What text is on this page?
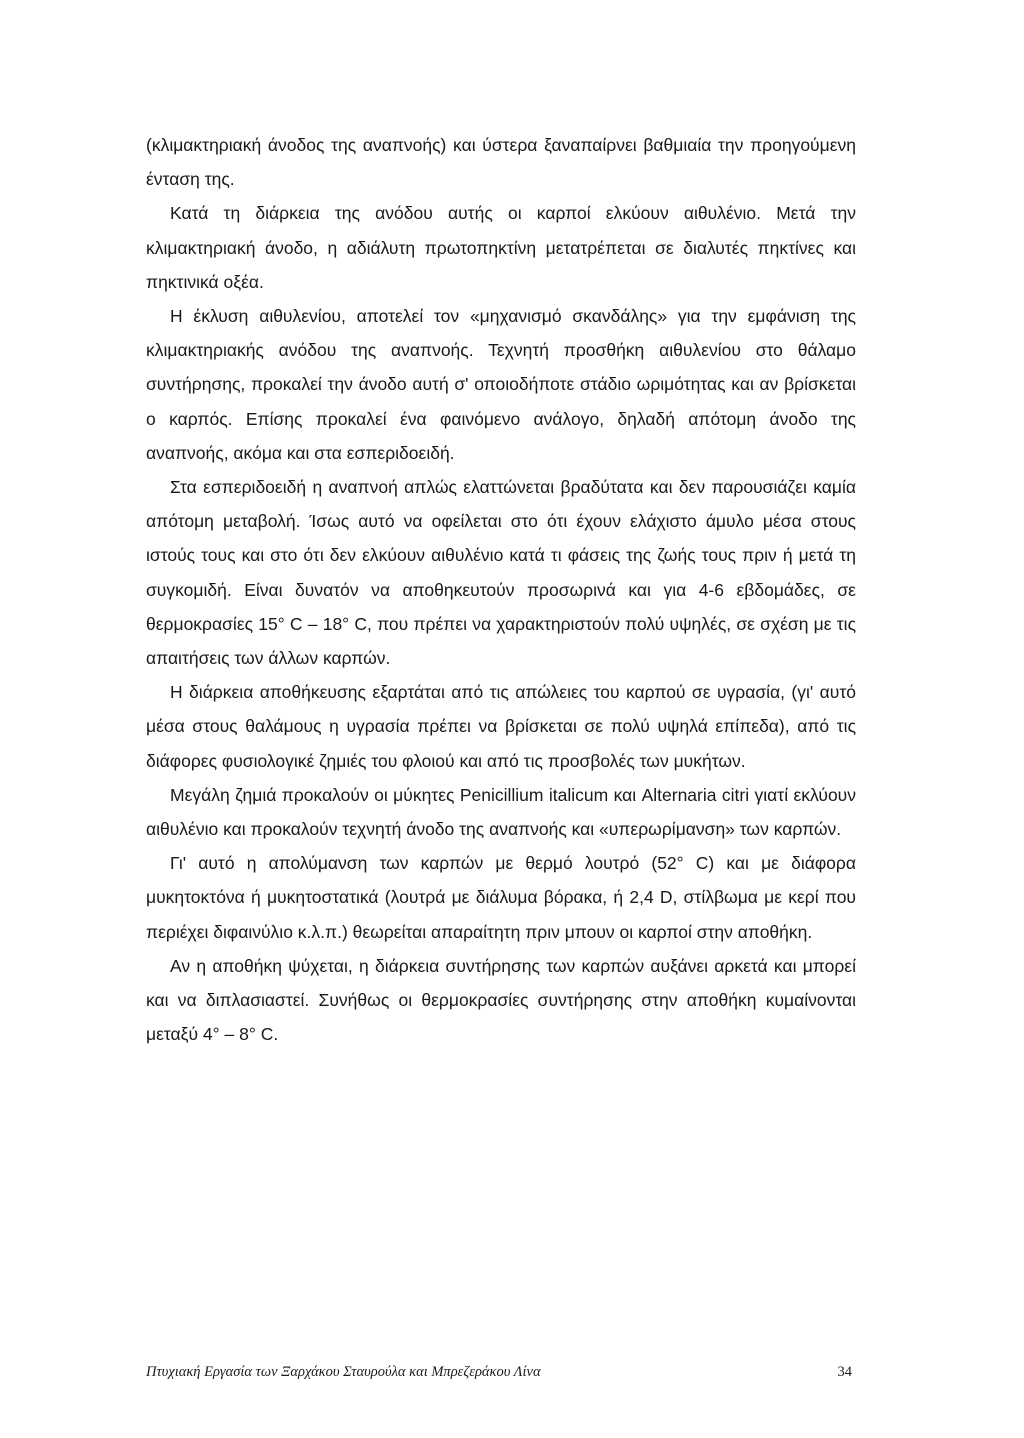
(κλιμακτηριακή άνοδος της αναπνοής) και ύστερα ξαναπαίρνει βαθμιαία την προηγούμενη ένταση της.

Κατά τη διάρκεια της ανόδου αυτής οι καρποί ελκύουν αιθυλένιο. Μετά την κλιμακτηριακή άνοδο, η αδιάλυτη πρωτοπηκτίνη μετατρέπεται σε διαλυτές πηκτίνες και πηκτινικά οξέα.

Η έκλυση αιθυλενίου, αποτελεί τον «μηχανισμό σκανδάλης» για την εμφάνιση της κλιμακτηριακής ανόδου της αναπνοής. Τεχνητή προσθήκη αιθυλενίου στο θάλαμο συντήρησης, προκαλεί την άνοδο αυτή σ' οποιοδήποτε στάδιο ωριμότητας και αν βρίσκεται ο καρπός. Επίσης προκαλεί ένα φαινόμενο ανάλογο, δηλαδή απότομη άνοδο της αναπνοής, ακόμα και στα εσπεριδοειδή.

Στα εσπεριδοειδή η αναπνοή απλώς ελαττώνεται βραδύτατα και δεν παρουσιάζει καμία απότομη μεταβολή. Ίσως αυτό να οφείλεται στο ότι έχουν ελάχιστο άμυλο μέσα στους ιστούς τους και στο ότι δεν ελκύουν αιθυλένιο κατά τι φάσεις της ζωής τους πριν ή μετά τη συγκομιδή. Είναι δυνατόν να αποθηκευτούν προσωρινά και για 4-6 εβδομάδες, σε θερμοκρασίες 15° C – 18° C, που πρέπει να χαρακτηριστούν πολύ υψηλές, σε σχέση με τις απαιτήσεις των άλλων καρπών.

Η διάρκεια αποθήκευσης εξαρτάται από τις απώλειες του καρπού σε υγρασία, (γι' αυτό μέσα στους θαλάμους η υγρασία πρέπει να βρίσκεται σε πολύ υψηλά επίπεδα), από τις διάφορες φυσιολογικέ ζημιές του φλοιού και από τις προσβολές των μυκήτων.

Μεγάλη ζημιά προκαλούν οι μύκητες Penicillium italicum και Alternaria citri γιατί εκλύουν αιθυλένιο και προκαλούν τεχνητή άνοδο της αναπνοής και «υπερωρίμανση» των καρπών.

Γι' αυτό η απολύμανση των καρπών με θερμό λουτρό (52° C) και με διάφορα μυκητοκτόνα ή μυκητοστατικά (λουτρά με διάλυμα βόρακα, ή 2,4 D, στίλβωμα με κερί που περιέχει διφαινύλιο κ.λ.π.) θεωρείται απαραίτητη πριν μπουν οι καρποί στην αποθήκη.

Αν η αποθήκη ψύχεται, η διάρκεια συντήρησης των καρπών αυξάνει αρκετά και μπορεί και να διπλασιαστεί. Συνήθως οι θερμοκρασίες συντήρησης στην αποθήκη κυμαίνονται μεταξύ 4° – 8° C.

Πτυχιακή Εργασία των Ξαρχάκου Σταυρούλα και Μπρεζεράκου Λίνα	34
